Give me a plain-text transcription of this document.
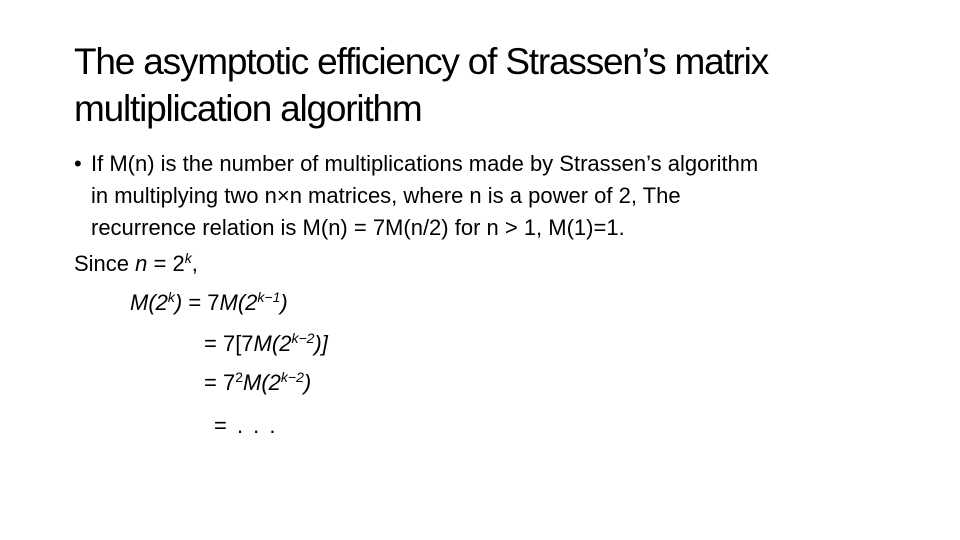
The asymptotic efficiency of Strassen’s matrix
multiplication algorithm
• If M(n) is the number of multiplications made by Strassen’s algorithm
in multiplying two n×n matrices, where n is a power of 2, The
recurrence relation is M(n) = 7M(n/2) for n > 1, M(1)=1.
Since $n = 2^k$,
$M(2^k) = 7M(2^{k-1})$
= $7[7M(2^{k-2})]$
= $7^2M(2^{k-2})$
= . . .
